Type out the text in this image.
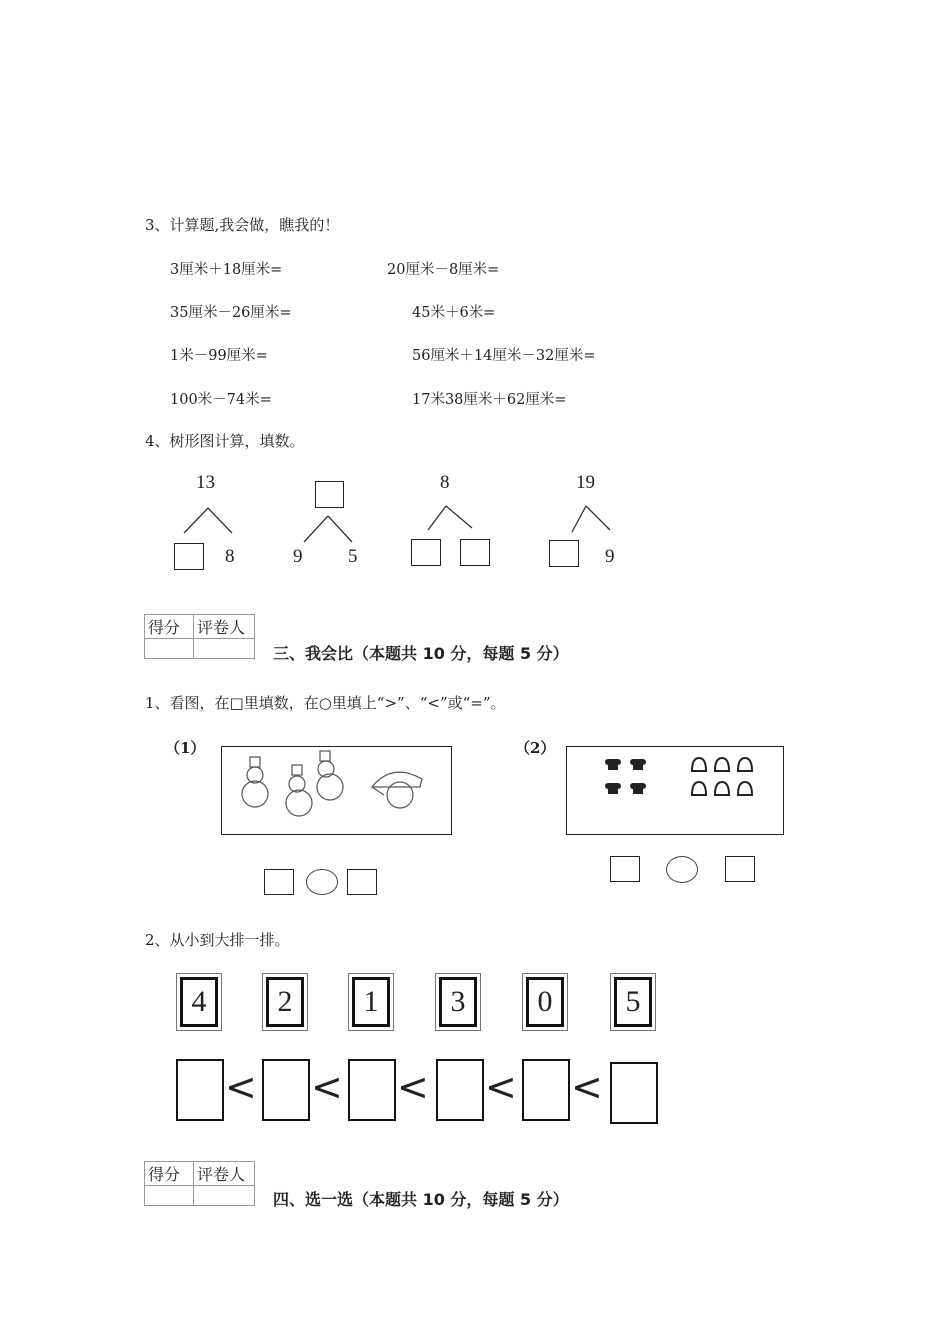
3、计算题,我会做，瞧我的！
3厘米＋18厘米=	20厘米－8厘米=
35厘米－26厘米=	45米＋6米=
1米－99厘米=	56厘米＋14厘米－32厘米=
100米－74米=	17米38厘米＋62厘米=
4、树形图计算，填数。
13
8	9 5
8	19
9
得分	评卷人

三、我会比（本题共 10 分，每题 5 分）
1、看图，在□里填数，在○里填上“>”、“<”或“=”。
（1）	（2）
2、从小到大排一排。
4	2	1	3	0	5
< < < < <
得分	评卷人

四、选一选（本题共 10 分，每题 5 分）
